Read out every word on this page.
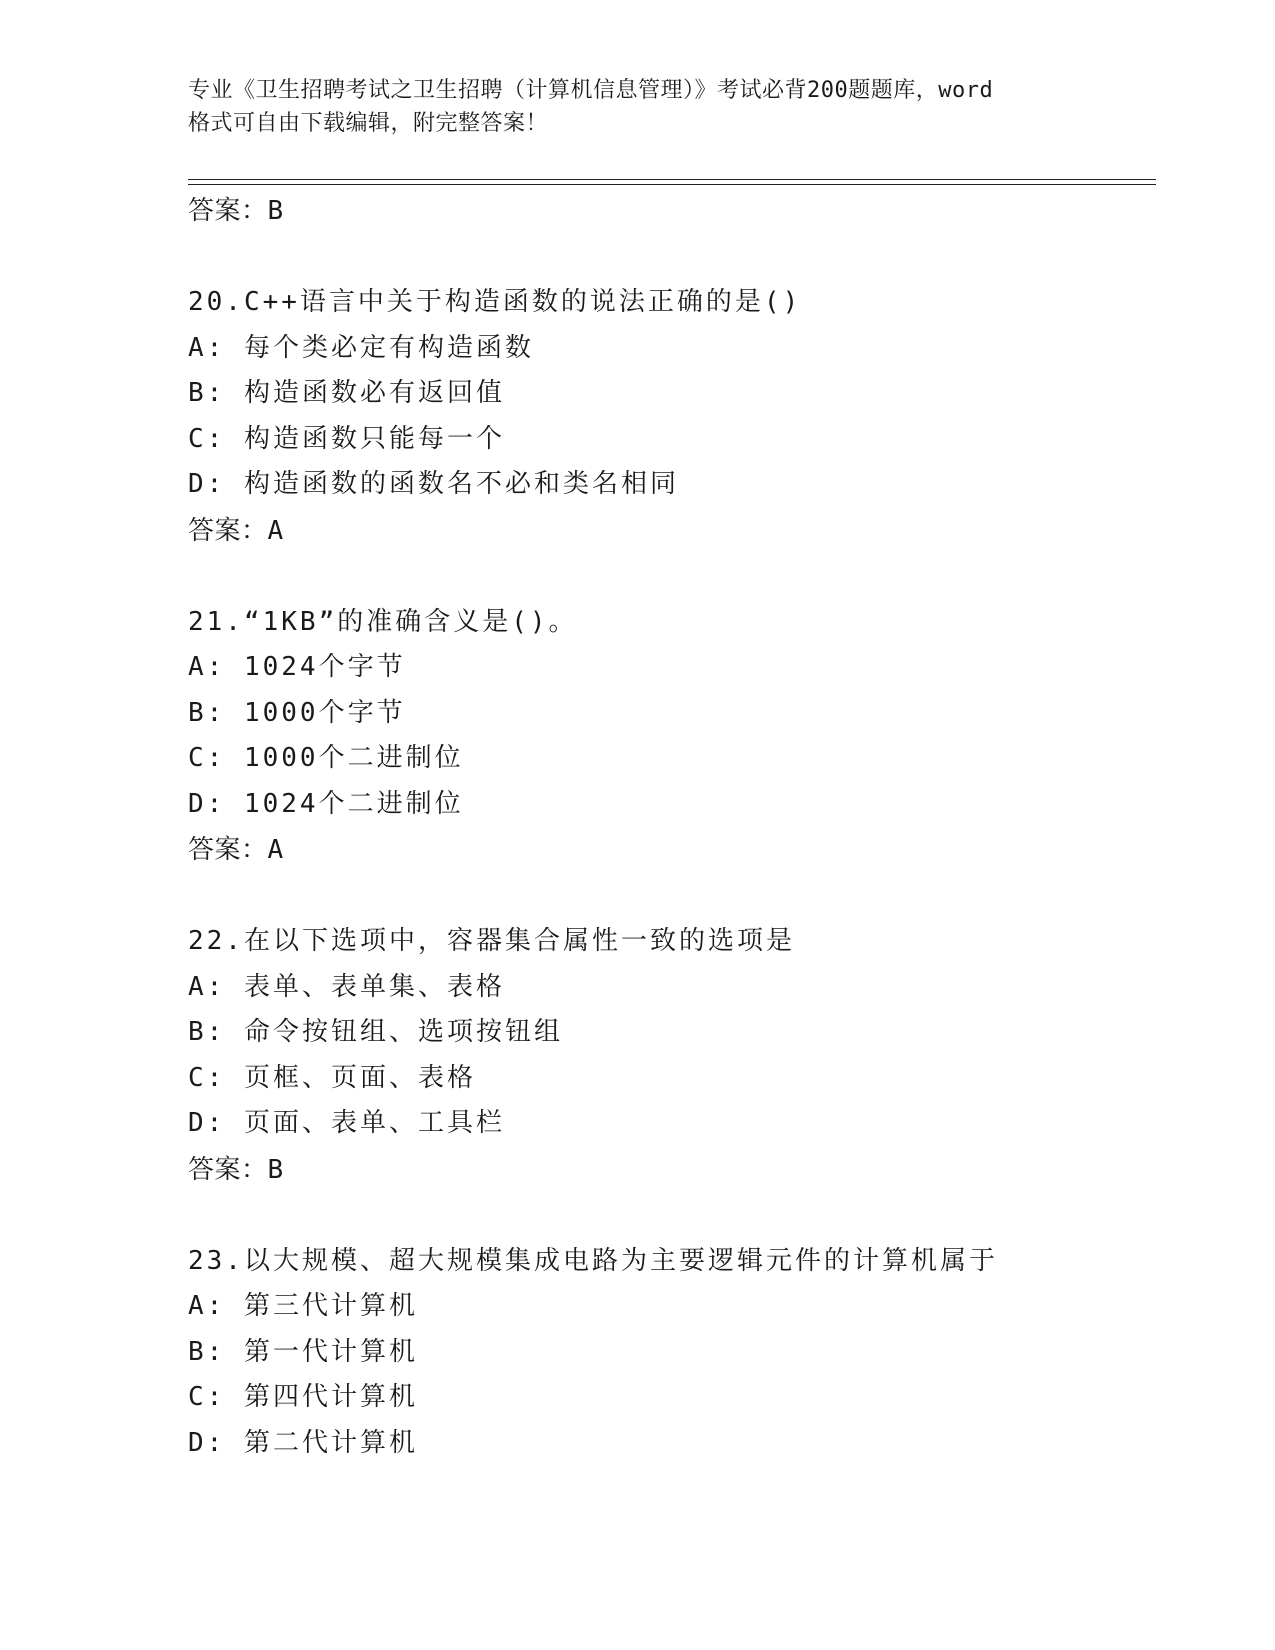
专业《卫生招聘考试之卫生招聘（计算机信息管理）》考试必背200题题库，word
格式可自由下载编辑，附完整答案！
答案：B
20.C++语言中关于构造函数的说法正确的是()
A: 每个类必定有构造函数
B: 构造函数必有返回值
C: 构造函数只能每一个
D: 构造函数的函数名不必和类名相同
答案：A
21.“1KB”的准确含义是()。
A: 1024个字节
B: 1000个字节
C: 1000个二进制位
D: 1024个二进制位
答案：A
22.在以下选项中，容器集合属性一致的选项是
A: 表单、表单集、表格
B: 命令按钮组、选项按钮组
C: 页框、页面、表格
D: 页面、表单、工具栏
答案：B
23.以大规模、超大规模集成电路为主要逻辑元件的计算机属于
A: 第三代计算机
B: 第一代计算机
C: 第四代计算机
D: 第二代计算机
